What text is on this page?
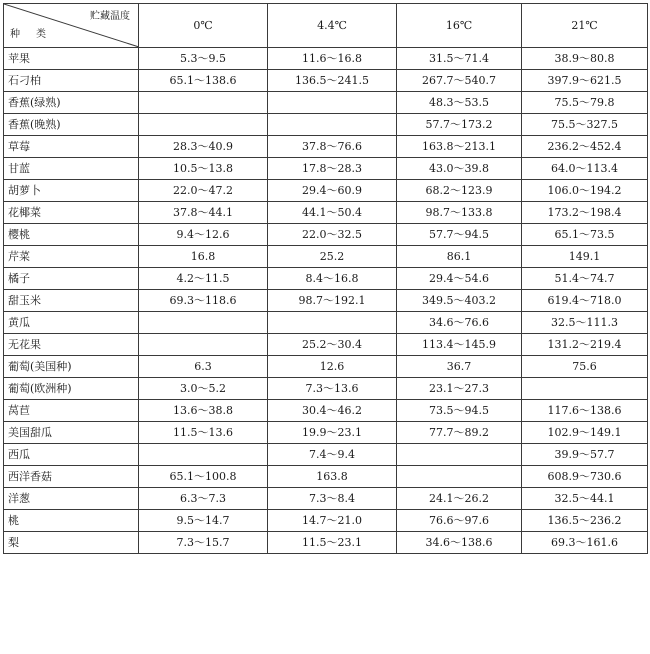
贮藏温度
种类	0℃	4.4℃	16℃	21℃
苹果	5.3～9.5	11.6～16.8	31.5～71.4	38.9～80.8
石刁柏	65.1～138.6	136.5～241.5	267.7～540.7	397.9～621.5
香蕉(绿熟)			48.3～53.5	75.5～79.8
香蕉(晚熟)			57.7～173.2	75.5～327.5
草莓	28.3～40.9	37.8～76.6	163.8～213.1	236.2～452.4
甘蓝	10.5～13.8	17.8～28.3	43.0～39.8	64.0～113.4
胡萝卜	22.0～47.2	29.4～60.9	68.2～123.9	106.0～194.2
花椰菜	37.8～44.1	44.1～50.4	98.7～133.8	173.2～198.4
樱桃	9.4～12.6	22.0～32.5	57.7～94.5	65.1～73.5
芹菜	16.8	25.2	86.1	149.1
橘子	4.2～11.5	8.4～16.8	29.4～54.6	51.4～74.7
甜玉米	69.3～118.6	98.7～192.1	349.5～403.2	619.4～718.0
黄瓜			34.6～76.6	32.5～111.3
无花果		25.2～30.4	113.4～145.9	131.2～219.4
葡萄(美国种)	6.3	12.6	36.7	75.6
葡萄(欧洲种)	3.0～5.2	7.3～13.6	23.1～27.3	
莴苣	13.6～38.8	30.4～46.2	73.5～94.5	117.6～138.6
美国甜瓜	11.5～13.6	19.9～23.1	77.7～89.2	102.9～149.1
西瓜		7.4～9.4		39.9～57.7
西洋香菇	65.1～100.8	163.8		608.9～730.6
洋葱	6.3～7.3	7.3～8.4	24.1～26.2	32.5～44.1
桃	9.5～14.7	14.7～21.0	76.6～97.6	136.5～236.2
梨	7.3～15.7	11.5～23.1	34.6～138.6	69.3～161.6
